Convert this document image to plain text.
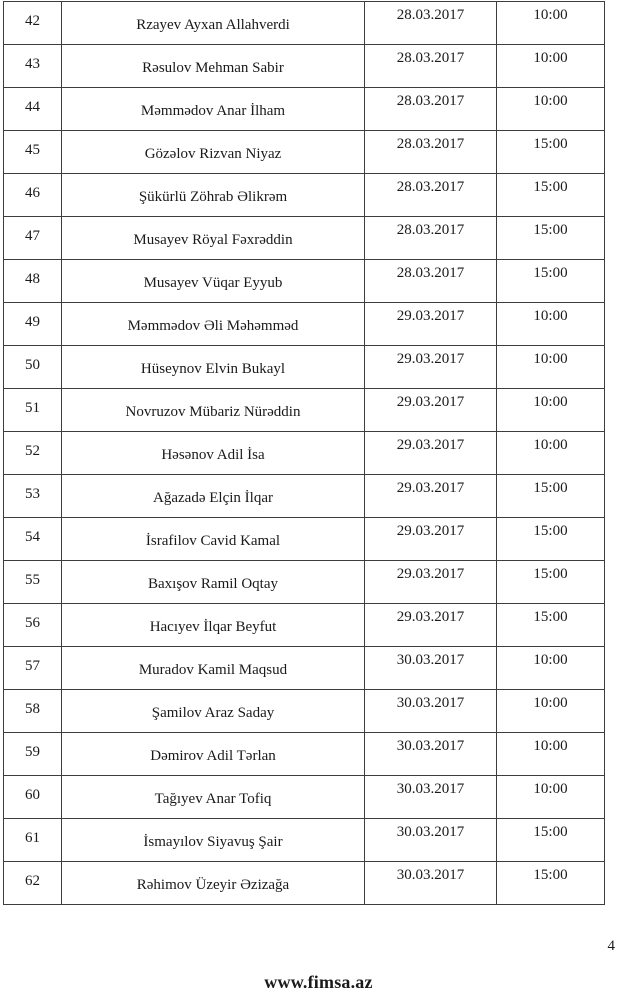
42	Rzayev Ayxan Allahverdi	28.03.2017	10:00
43	Rəsulov Mehman Sabir	28.03.2017	10:00
44	Məmmədov Anar İlham	28.03.2017	10:00
45	Gözəlov Rizvan Niyaz	28.03.2017	15:00
46	Şükürlü Zöhrab Əlikrəm	28.03.2017	15:00
47	Musayev Röyal Fəxrəddin	28.03.2017	15:00
48	Musayev Vüqar Eyyub	28.03.2017	15:00
49	Məmmədov Əli Məhəmməd	29.03.2017	10:00
50	Hüseynov Elvin Bukayl	29.03.2017	10:00
51	Novruzov Mübariz Nürəddin	29.03.2017	10:00
52	Həsənov Adil İsa	29.03.2017	10:00
53	Ağazadə Elçin İlqar	29.03.2017	15:00
54	İsrafilov Cavid Kamal	29.03.2017	15:00
55	Baxışov Ramil Oqtay	29.03.2017	15:00
56	Hacıyev İlqar Beyfut	29.03.2017	15:00
57	Muradov Kamil Maqsud	30.03.2017	10:00
58	Şamilov Araz Saday	30.03.2017	10:00
59	Dəmirov Adil Tərlan	30.03.2017	10:00
60	Tağıyev Anar Tofiq	30.03.2017	10:00
61	İsmayılov Siyavuş Şair	30.03.2017	15:00
62	Rəhimov Üzeyir Əzizağa	30.03.2017	15:00
4
www.fimsa.az
